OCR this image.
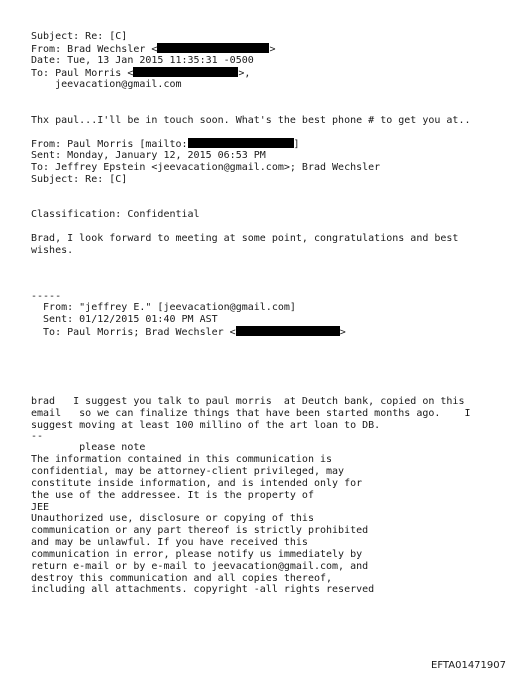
Subject: Re: [C]
From: Brad Wechsler <	>
Date: Tue, 13 Jan 2015 11:35:31 -0500
To: Paul Morris <	>,
jeevacation@gmail.com
Thx paul...I'll be in touch soon. What's the best phone # to get you at..
From: Paul Morris [mailto:	]
Sent: Monday, January 12, 2015 06:53 PM
To: Jeffrey Epstein <jeevacation@gmail.com>; Brad Wechsler
Subject: Re: [C]
Classification: Confidential
Brad, I look forward to meeting at some point, congratulations and best
wishes.
-----
From: "jeffrey E." [jeevacation@gmail.com]
Sent: 01/12/2015 01:40 PM AST
To: Paul Morris; Brad Wechsler <	>
brad   I suggest you talk to paul morris  at Deutch bank, copied on this
email   so we can finalize things that have been started months ago.    I
suggest moving at least 100 millino of the art loan to DB.
--
please note
The information contained in this communication is
confidential, may be attorney-client privileged, may
constitute inside information, and is intended only for
the use of the addressee. It is the property of
JEE
Unauthorized use, disclosure or copying of this
communication or any part thereof is strictly prohibited
and may be unlawful. If you have received this
communication in error, please notify us immediately by
return e-mail or by e-mail to jeevacation@gmail.com, and
destroy this communication and all copies thereof,
including all attachments. copyright -all rights reserved
EFTA01471907
